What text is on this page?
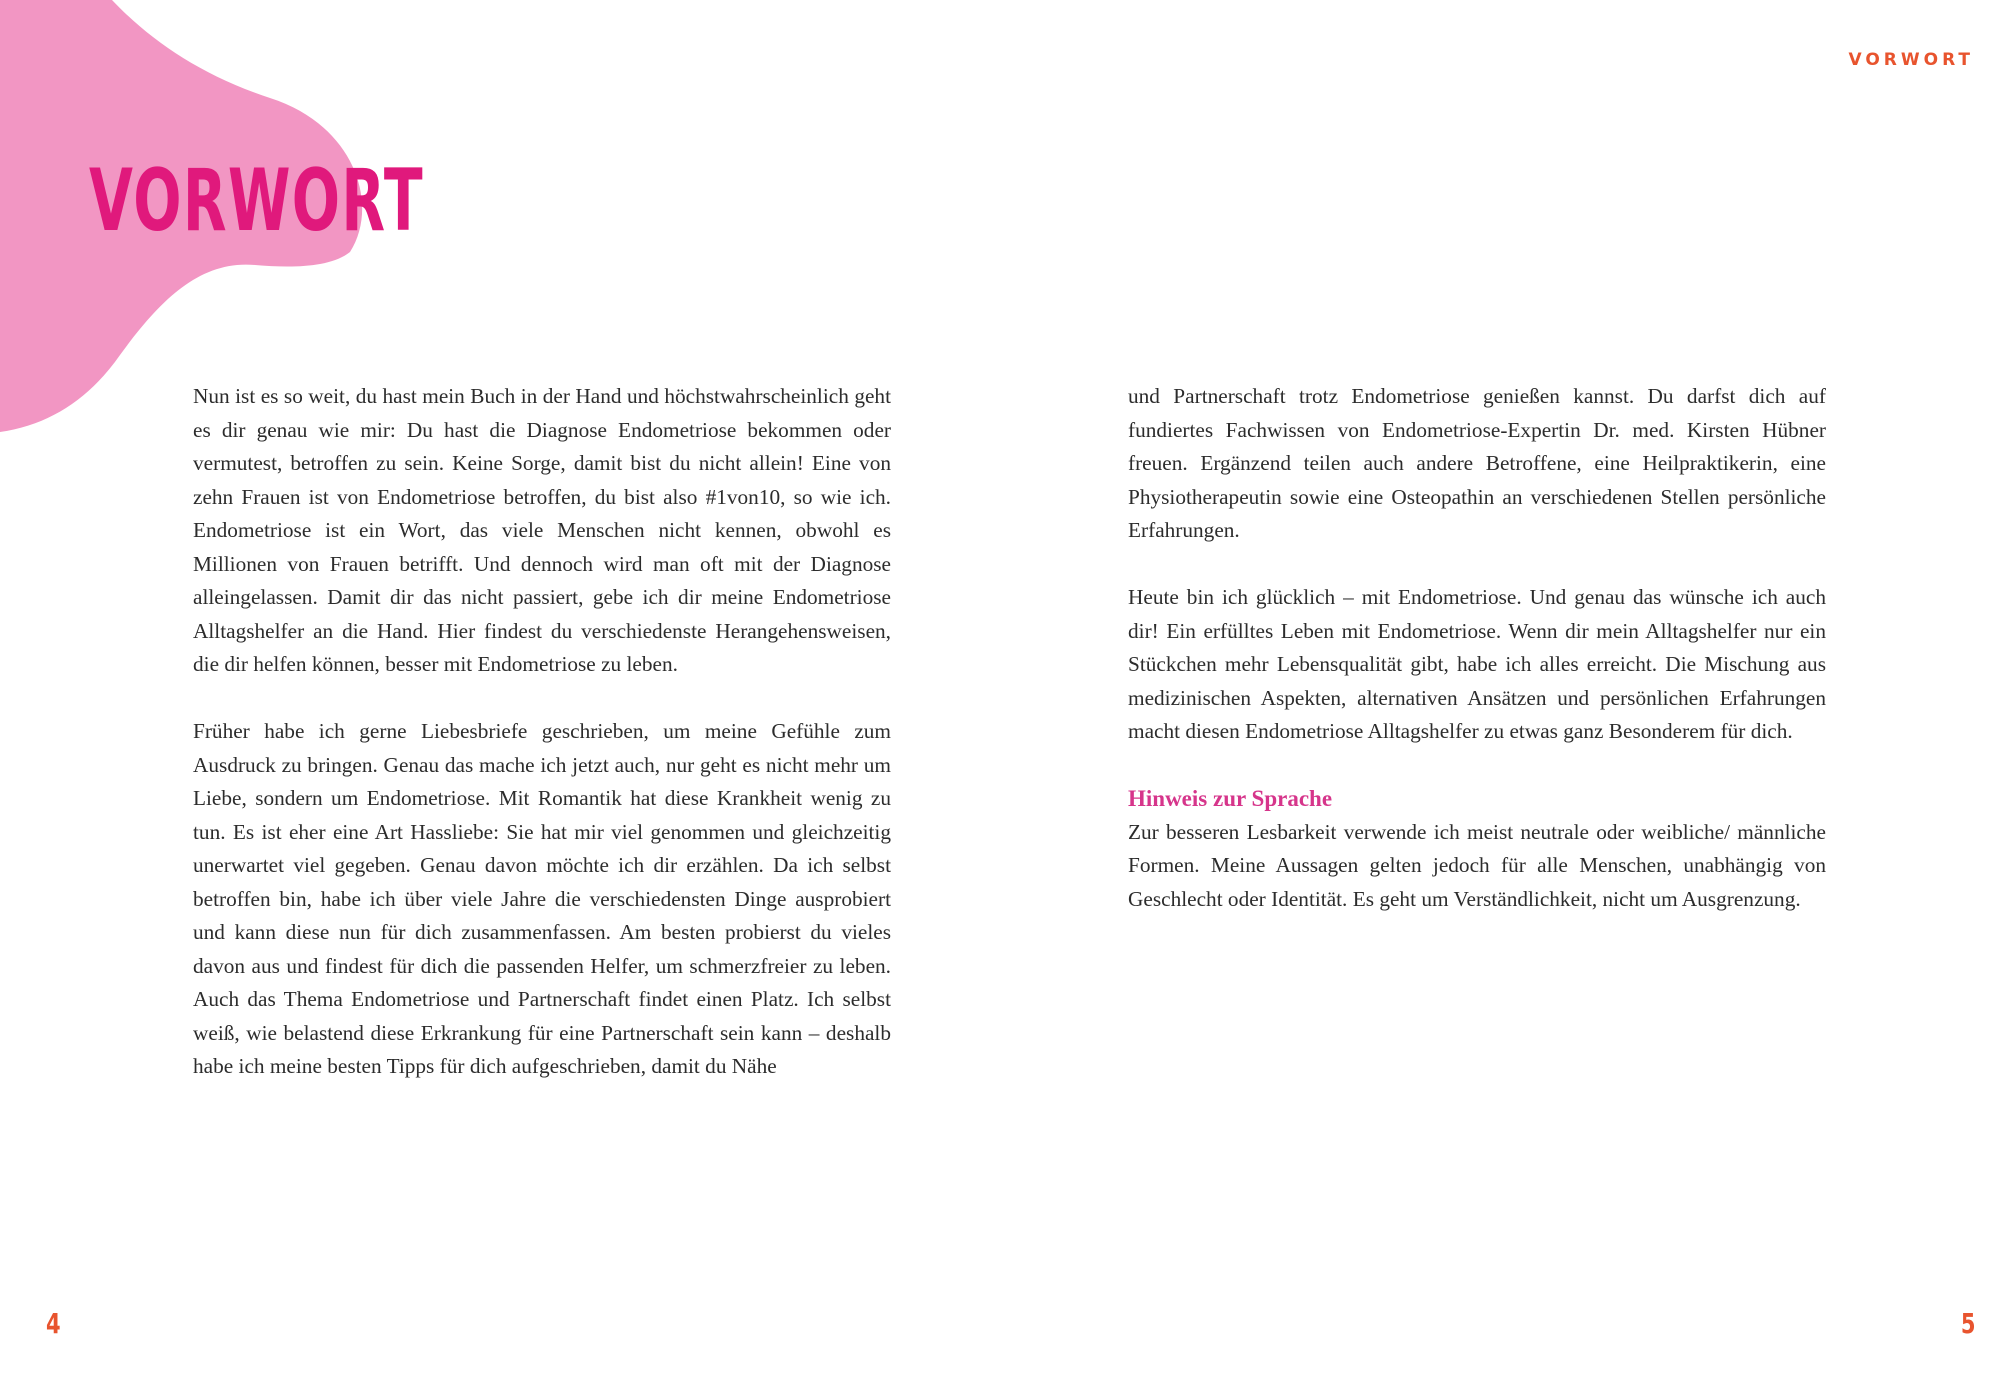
VORWORT
VORWORT

Nun ist es so weit, du hast mein Buch in der Hand und höchstwahrscheinlich geht es dir genau wie mir: Du hast die Diagnose Endometriose bekommen oder vermutest, betroffen zu sein. Keine Sorge, damit bist du nicht allein! Eine von zehn Frauen ist von Endometriose betroffen, du bist also #1von10, so wie ich. Endometriose ist ein Wort, das viele Menschen nicht kennen, obwohl es Millionen von Frauen betrifft. Und dennoch wird man oft mit der Diagnose alleingelassen. Damit dir das nicht passiert, gebe ich dir meine Endometriose Alltagshelfer an die Hand. Hier findest du verschiedenste Herangehensweisen, die dir helfen können, besser mit Endometriose zu leben.

Früher habe ich gerne Liebesbriefe geschrieben, um meine Gefühle zum Ausdruck zu bringen. Genau das mache ich jetzt auch, nur geht es nicht mehr um Liebe, sondern um Endometriose. Mit Romantik hat diese Krankheit wenig zu tun. Es ist eher eine Art Hassliebe: Sie hat mir viel genommen und gleichzeitig unerwartet viel gegeben. Genau davon möchte ich dir erzählen. Da ich selbst betroffen bin, habe ich über viele Jahre die verschiedensten Dinge ausprobiert und kann diese nun für dich zusammenfassen. Am besten probierst du vieles davon aus und findest für dich die passenden Helfer, um schmerzfreier zu leben. Auch das Thema Endometriose und Partnerschaft findet einen Platz. Ich selbst weiß, wie belastend diese Erkrankung für eine Partnerschaft sein kann – deshalb habe ich meine besten Tipps für dich aufgeschrieben, damit du Nähe

und Partnerschaft trotz Endometriose genießen kannst. Du darfst dich auf fundiertes Fachwissen von Endometriose-Expertin Dr. med. Kirsten Hübner freuen. Ergänzend teilen auch andere Betroffene, eine Heilpraktikerin, eine Physiotherapeutin sowie eine Osteopathin an verschiedenen Stellen persönliche Erfahrungen.

Heute bin ich glücklich – mit Endometriose. Und genau das wünsche ich auch dir! Ein erfülltes Leben mit Endometriose. Wenn dir mein Alltagshelfer nur ein Stückchen mehr Lebensqualität gibt, habe ich alles erreicht. Die Mischung aus medizinischen Aspekten, alternativen Ansätzen und persönlichen Erfahrungen macht diesen Endometriose Alltagshelfer zu etwas ganz Besonderem für dich.

Hinweis zur Sprache

Zur besseren Lesbarkeit verwende ich meist neutrale oder weibliche/ männliche Formen. Meine Aussagen gelten jedoch für alle Menschen, unabhängig von Geschlecht oder Identität. Es geht um Verständlichkeit, nicht um Ausgrenzung.

4	5
